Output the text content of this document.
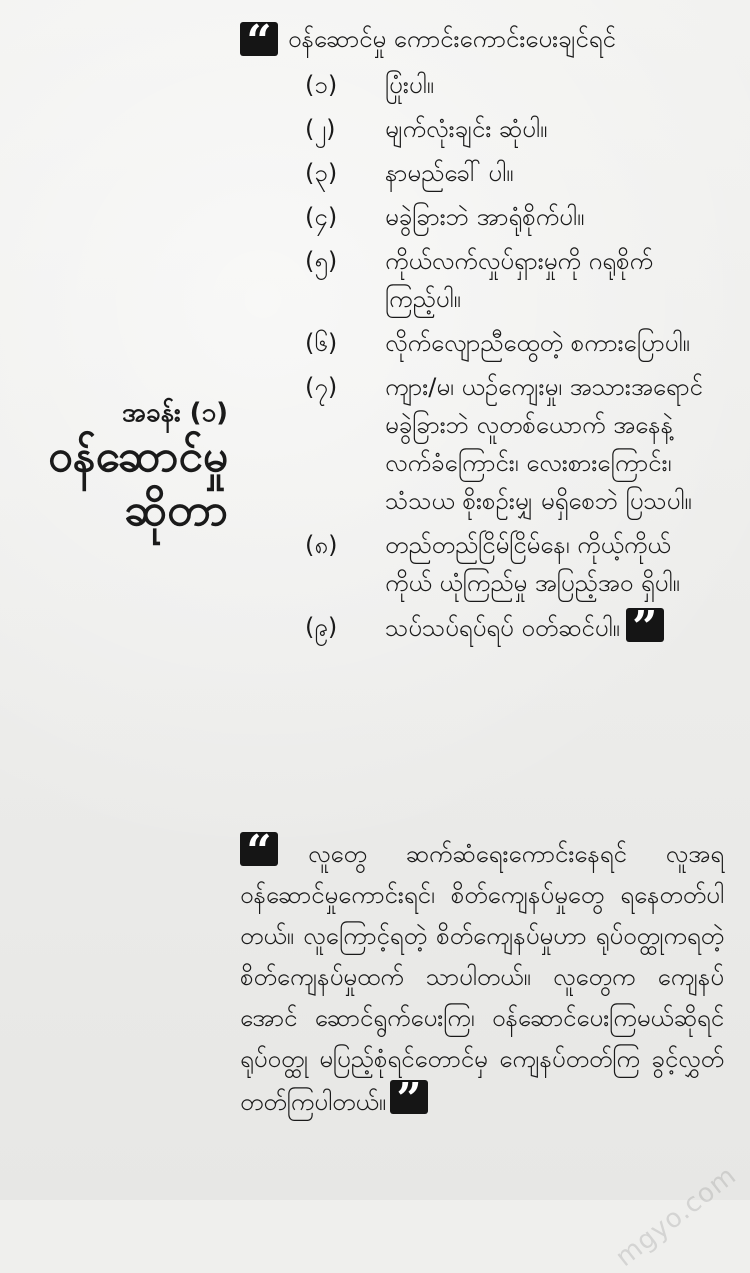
အခန်း (၁)
ဝန်ဆောင်မှု
ဆိုတာ
“ ဝန်ဆောင်မှု ကောင်းကောင်းပေးချင်ရင်
(၁)	ပြုံးပါ။
(၂)	မျက်လုံးချင်း ဆုံပါ။
(၃)	နာမည်ခေါ် ပါ။
(၄)	မခွဲခြားဘဲ အာရုံစိုက်ပါ။
(၅)	ကိုယ်လက်လှုပ်ရှားမှုကို ဂရုစိုက်ကြည့်ပါ။
(၆)	လိုက်လျောညီထွေတဲ့ စကားပြောပါ။
(၇)	ကျား/မ၊ ယဉ်ကျေးမှု၊ အသားအရောင် မခွဲခြားဘဲ လူတစ်ယောက် အနေနဲ့လက်ခံကြောင်း၊ လေးစားကြောင်း၊ သံသယ စိုးစဉ်းမျှ မရှိစေဘဲ ပြသပါ။
(၈)	တည်တည်ငြိမ်ငြိမ်နေ၊ ကိုယ့်ကိုယ်ကိုယ် ယုံကြည်မှု အပြည့်အဝ ရှိပါ။
(၉)	သပ်သပ်ရပ်ရပ် ဝတ်ဆင်ပါ။ ”
“ လူတွေ ဆက်ဆံရေးကောင်းနေရင် လူအရ ဝန်ဆောင်မှုကောင်းရင်၊ စိတ်ကျေနပ်မှုတွေ ရနေတတ်ပါတယ်။ လူကြောင့်ရတဲ့ စိတ်ကျေနပ်မှုဟာ ရုပ်ဝတ္ထုကရတဲ့ စိတ်ကျေနပ်မှုထက် သာပါတယ်။ လူတွေက ကျေနပ်အောင် ဆောင်ရွက်ပေးကြ၊ ဝန်ဆောင်ပေးကြမယ်ဆိုရင် ရုပ်ဝတ္ထု မပြည့်စုံရင်တောင်မှ ကျေနပ်တတ်ကြ ခွင့်လွှတ်တတ်ကြပါတယ်။ ”
mgyo.com
